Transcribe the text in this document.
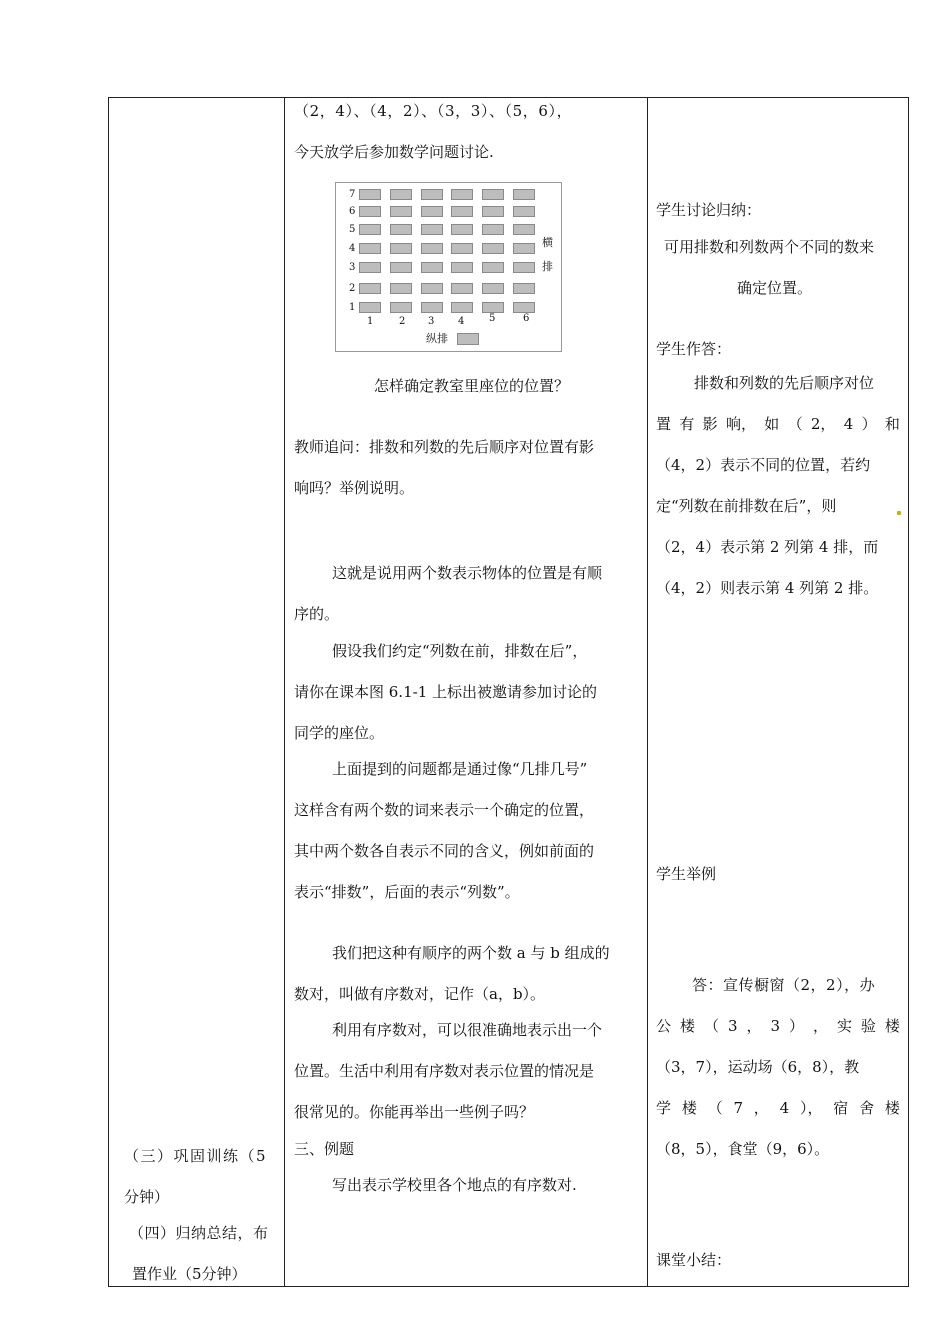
（三）巩固训练（5
分钟）
（四）归纳总结，布
置作业（5分钟）
（2，4）、（4，2）、（3，3）、（5，6），
今天放学后参加数学问题讨论.
7
6
5
4
3
2
1
1	2 3 4 5	6
横
排
纵排
怎样确定教室里座位的位置？
教师追问：排数和列数的先后顺序对位置有影
响吗？举例说明。
这就是说用两个数表示物体的位置是有顺
序的。
假设我们约定“列数在前，排数在后”，
请你在课本图 6.1-1 上标出被邀请参加讨论的
同学的座位。
上面提到的问题都是通过像“几排几号”
这样含有两个数的词来表示一个确定的位置，
其中两个数各自表示不同的含义，例如前面的
表示“排数”，后面的表示“列数”。
我们把这种有顺序的两个数 a 与 b 组成的
数对，叫做有序数对，记作（a，b）。
利用有序数对，可以很准确地表示出一个
位置。生活中利用有序数对表示位置的情况是
很常见的。你能再举出一些例子吗？
三、例题
写出表示学校里各个地点的有序数对.
学生讨论归纳：
可用排数和列数两个不同的数来
确定位置。
学生作答：
排数和列数的先后顺序对位
置 有 影 响， 如 （ 2， 4 ） 和
（4，2）表示不同的位置，若约
定“列数在前排数在后”，则
（2，4）表示第 2 列第 4 排，而
（4，2）则表示第 4 列第 2 排。
学生举例
答：宣传橱窗（2，2），办
公 楼 （ 3 ， 3 ） ， 实 验 楼
（3，7），运动场（6，8），教
学 楼 （ 7 ， 4 ）， 宿 舍 楼
（8，5），食堂（9，6）。
课堂小结：
